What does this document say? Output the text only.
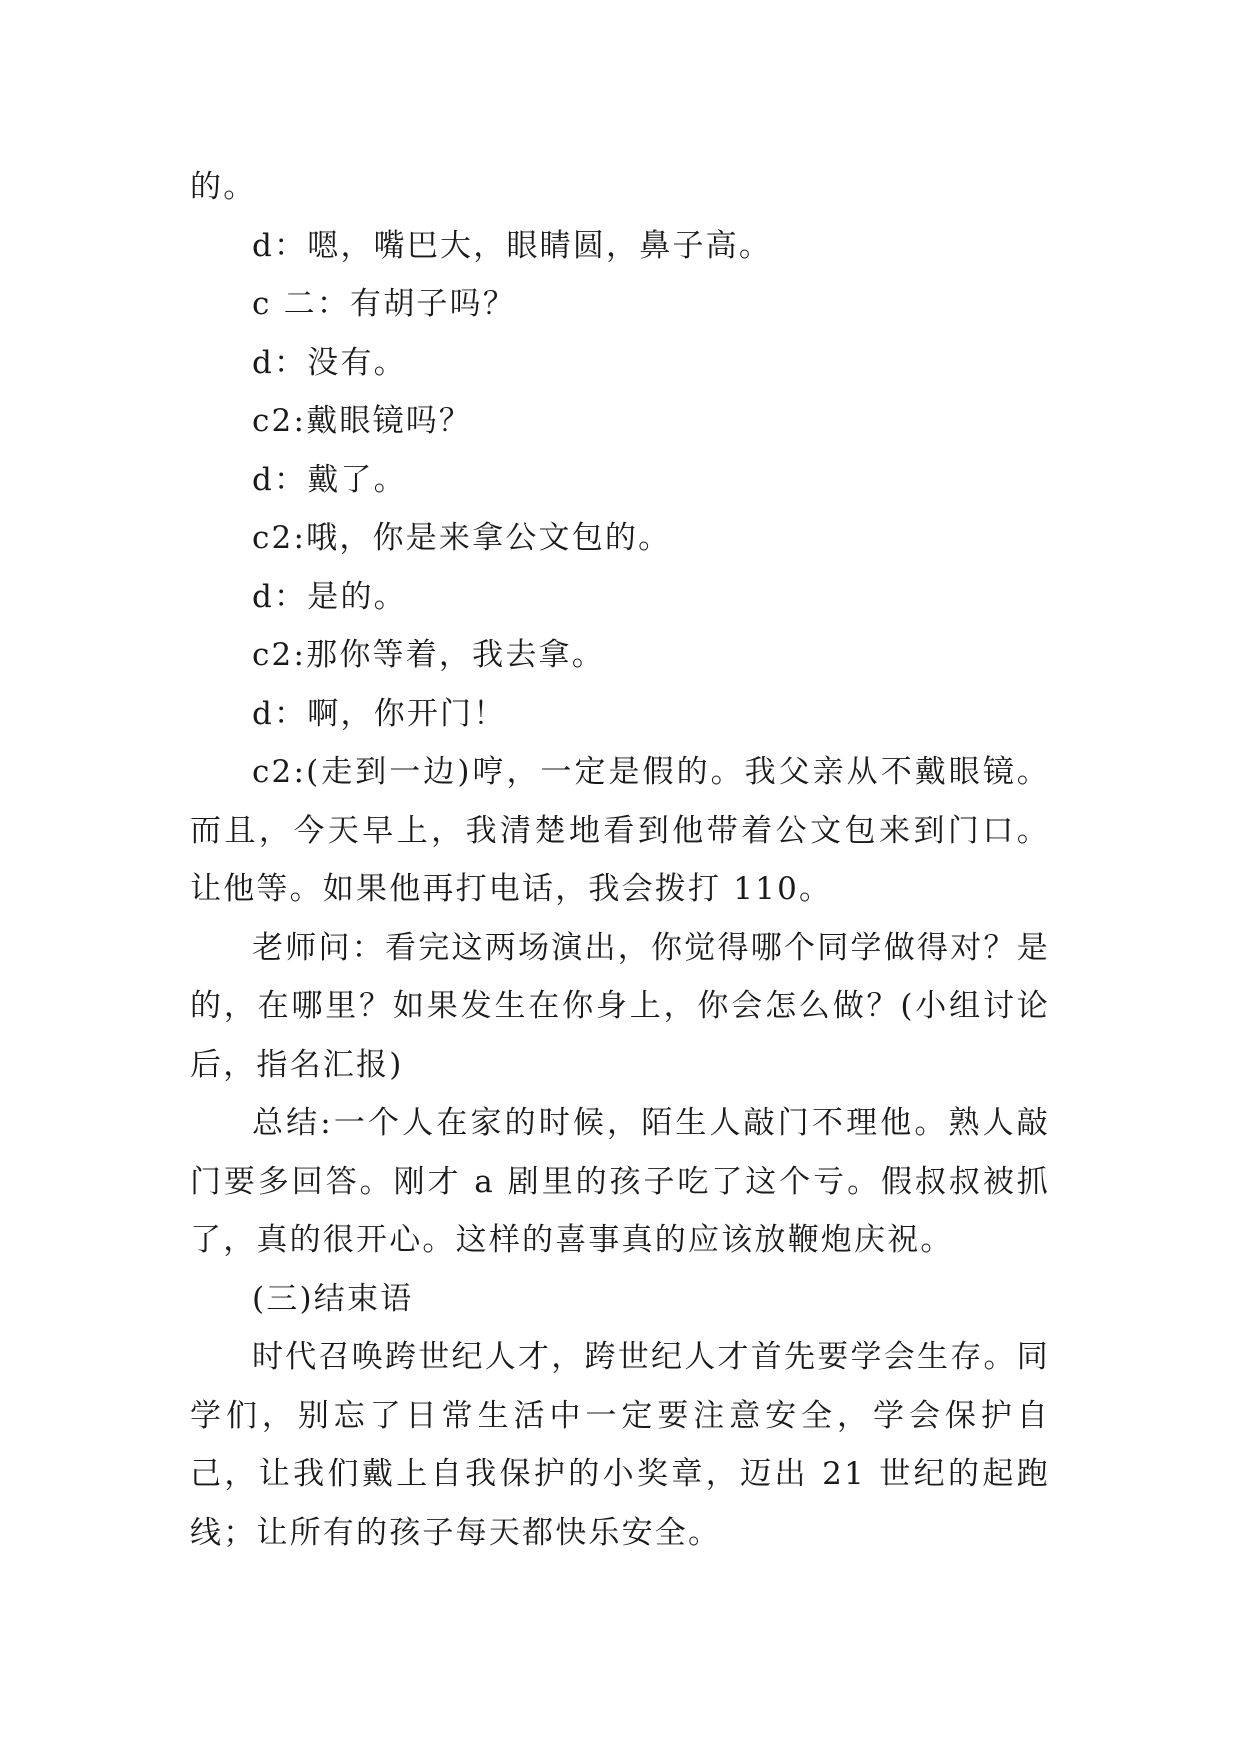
的。

d：嗯，嘴巴大，眼睛圆，鼻子高。

c 二：有胡子吗？

d：没有。

c2:戴眼镜吗？

d：戴了。

c2:哦，你是来拿公文包的。

d：是的。

c2:那你等着，我去拿。

d：啊，你开门！

c2:(走到一边)哼，一定是假的。我父亲从不戴眼镜。而且，今天早上，我清楚地看到他带着公文包来到门口。让他等。如果他再打电话，我会拨打 110。

老师问：看完这两场演出，你觉得哪个同学做得对？是的，在哪里？如果发生在你身上，你会怎么做？(小组讨论后，指名汇报)

总结:一个人在家的时候，陌生人敲门不理他。熟人敲门要多回答。刚才 a 剧里的孩子吃了这个亏。假叔叔被抓了，真的很开心。这样的喜事真的应该放鞭炮庆祝。

(三)结束语

时代召唤跨世纪人才，跨世纪人才首先要学会生存。同学们，别忘了日常生活中一定要注意安全，学会保护自己，让我们戴上自我保护的小奖章，迈出 21 世纪的起跑线；让所有的孩子每天都快乐安全。
